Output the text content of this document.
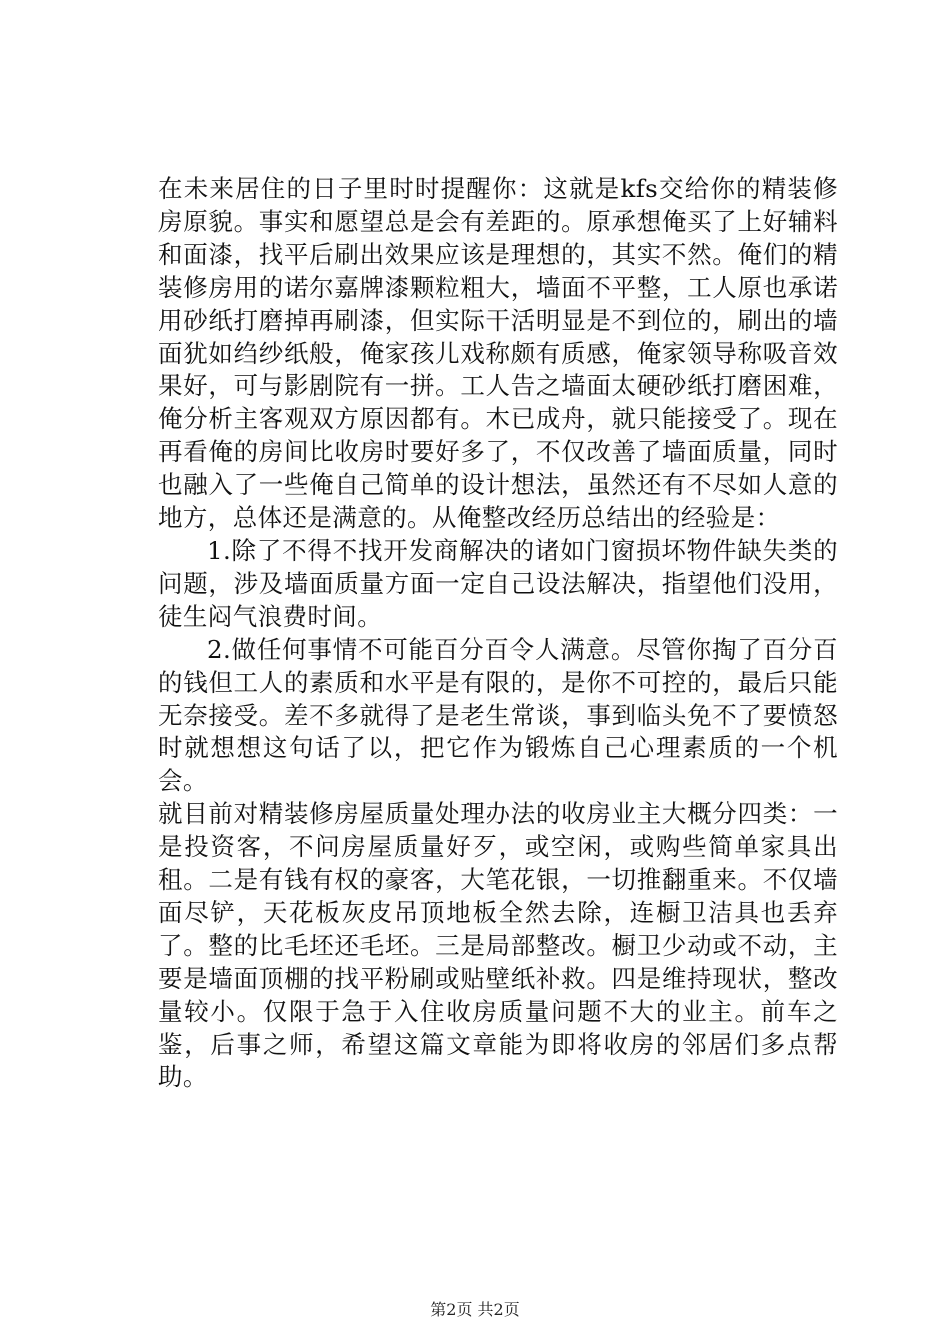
在未来居住的日子里时时提醒你：这就是kfs交给你的精装修房原貌。事实和愿望总是会有差距的。原承想俺买了上好辅料和面漆，找平后刷出效果应该是理想的，其实不然。俺们的精装修房用的诺尔嘉牌漆颗粒粗大，墙面不平整，工人原也承诺用砂纸打磨掉再刷漆，但实际干活明显是不到位的，刷出的墙面犹如绉纱纸般，俺家孩儿戏称颇有质感，俺家领导称吸音效果好，可与影剧院有一拼。工人告之墙面太硬砂纸打磨困难，俺分析主客观双方原因都有。木已成舟，就只能接受了。现在再看俺的房间比收房时要好多了，不仅改善了墙面质量，同时也融入了一些俺自己简单的设计想法，虽然还有不尽如人意的地方，总体还是满意的。从俺整改经历总结出的经验是：

1.除了不得不找开发商解决的诸如门窗损坏物件缺失类的问题，涉及墙面质量方面一定自己设法解决，指望他们没用，徒生闷气浪费时间。

2.做任何事情不可能百分百令人满意。尽管你掏了百分百的钱但工人的素质和水平是有限的，是你不可控的，最后只能无奈接受。差不多就得了是老生常谈，事到临头免不了要愤怒时就想想这句话了以，把它作为锻炼自己心理素质的一个机会。

就目前对精装修房屋质量处理办法的收房业主大概分四类：一是投资客，不问房屋质量好歹，或空闲，或购些简单家具出租。二是有钱有权的豪客，大笔花银，一切推翻重来。不仅墙面尽铲，天花板灰皮吊顶地板全然去除，连橱卫洁具也丢弃了。整的比毛坯还毛坯。三是局部整改。橱卫少动或不动，主要是墙面顶棚的找平粉刷或贴壁纸补救。四是维持现状，整改量较小。仅限于急于入住收房质量问题不大的业主。前车之鉴，后事之师，希望这篇文章能为即将收房的邻居们多点帮助。

第2页 共2页
